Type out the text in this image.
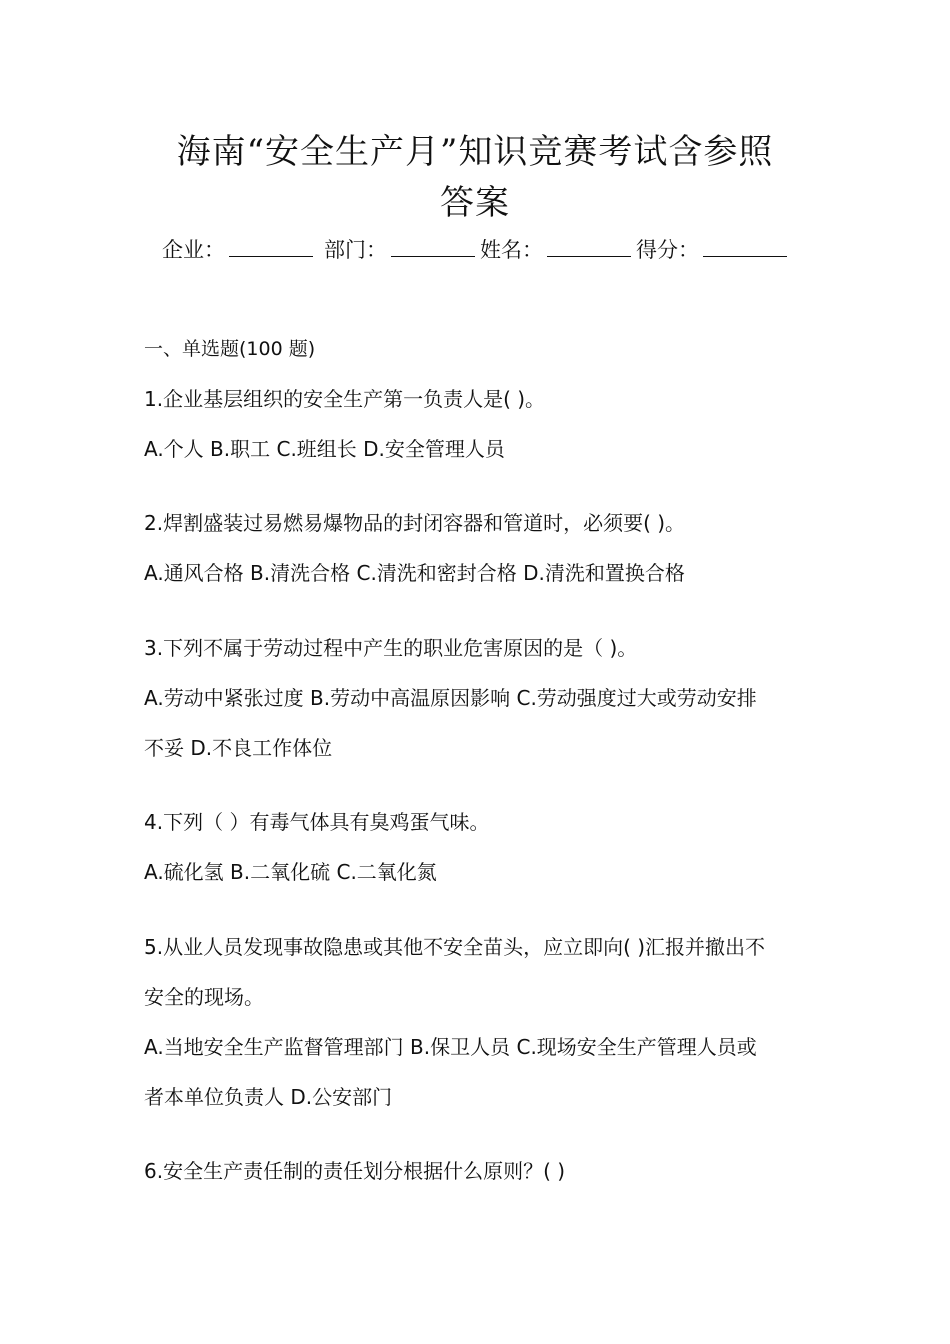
海南“安全生产月”知识竞赛考试含参照
答案
企业：	部门：	姓名：	得分：
一、单选题(100 题)
1.企业基层组织的安全生产第一负责人是( )。
A.个人 B.职工 C.班组长 D.安全管理人员
2.焊割盛装过易燃易爆物品的封闭容器和管道时，必须要( )。
A.通风合格 B.清洗合格 C.清洗和密封合格 D.清洗和置换合格
3.下列不属于劳动过程中产生的职业危害原因的是（ )。
A.劳动中紧张过度 B.劳动中高温原因影响 C.劳动强度过大或劳动安排
不妥 D.不良工作体位
4.下列（ ）有毒气体具有臭鸡蛋气味。
A.硫化氢 B.二氧化硫 C.二氧化氮
5.从业人员发现事故隐患或其他不安全苗头，应立即向( )汇报并撤出不
安全的现场。
A.当地安全生产监督管理部门 B.保卫人员 C.现场安全生产管理人员或
者本单位负责人 D.公安部门
6.安全生产责任制的责任划分根据什么原则？( )
